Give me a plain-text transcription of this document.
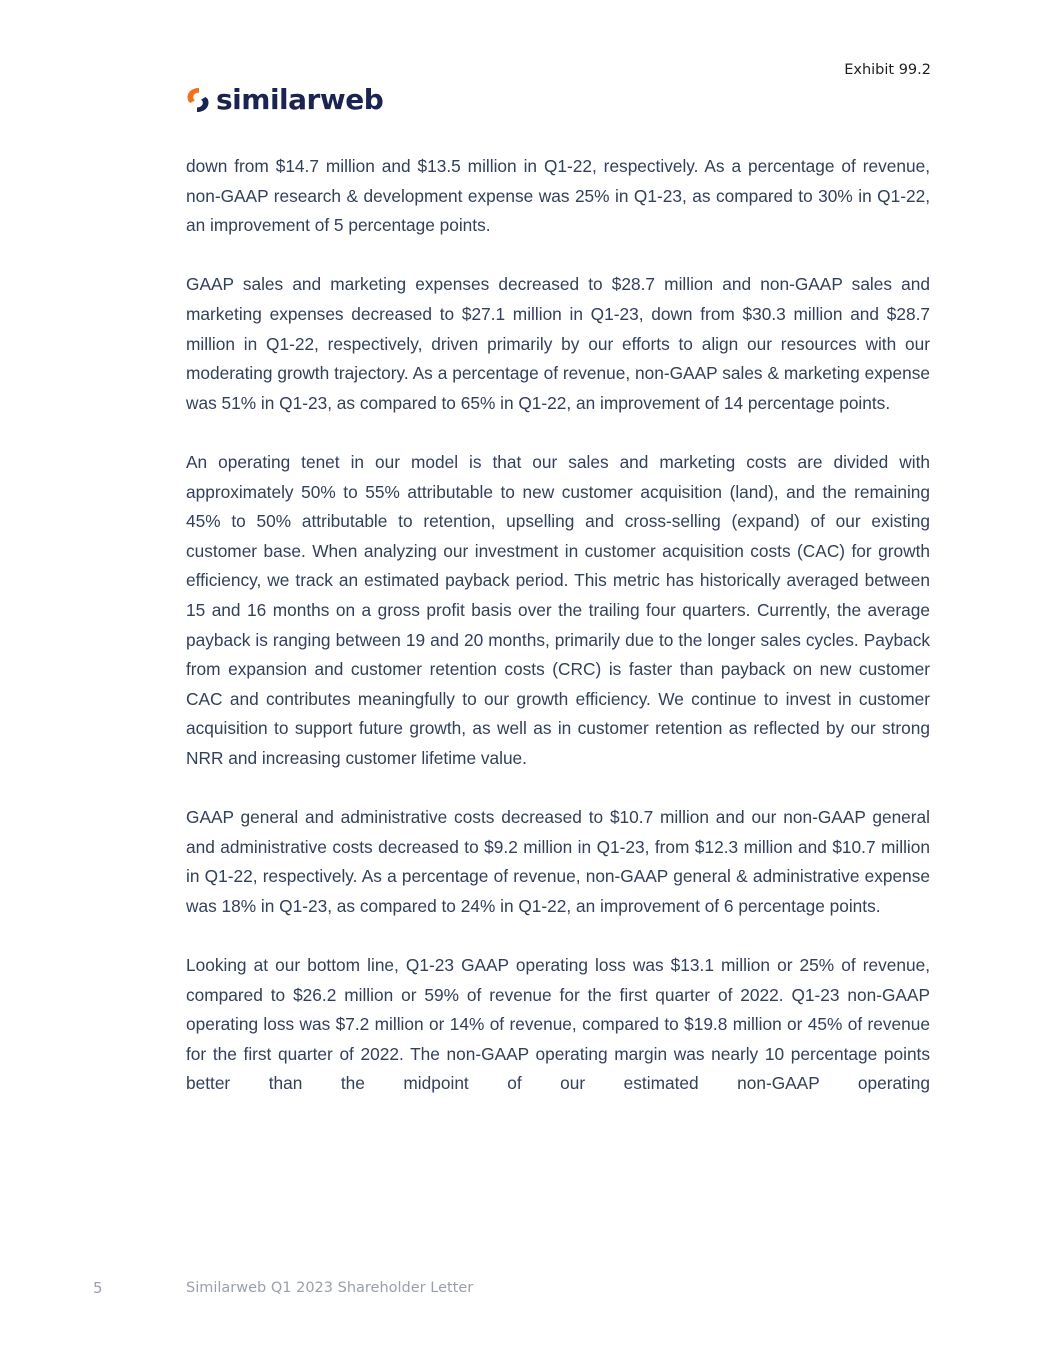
Exhibit 99.2
similarweb

down from $14.7 million and $13.5 million in Q1-22, respectively. As a percentage of revenue, non-GAAP research & development expense was 25% in Q1-23, as compared to 30% in Q1-22, an improvement of 5 percentage points.

GAAP sales and marketing expenses decreased to $28.7 million and non-GAAP sales and marketing expenses decreased to $27.1 million in Q1-23, down from $30.3 million and $28.7 million in Q1-22, respectively, driven primarily by our efforts to align our resources with our moderating growth trajectory. As a percentage of revenue, non-GAAP sales & marketing expense was 51% in Q1-23, as compared to 65% in Q1-22, an improvement of 14 percentage points.

An operating tenet in our model is that our sales and marketing costs are divided with approximately 50% to 55% attributable to new customer acquisition (land), and the remaining 45% to 50% attributable to retention, upselling and cross-selling (expand) of our existing customer base. When analyzing our investment in customer acquisition costs (CAC) for growth efficiency, we track an estimated payback period. This metric has historically averaged between 15 and 16 months on a gross profit basis over the trailing four quarters. Currently, the average payback is ranging between 19 and 20 months, primarily due to the longer sales cycles. Payback from expansion and customer retention costs (CRC) is faster than payback on new customer CAC and contributes meaningfully to our growth efficiency. We continue to invest in customer acquisition to support future growth, as well as in customer retention as reflected by our strong NRR and increasing customer lifetime value.

GAAP general and administrative costs decreased to $10.7 million and our non-GAAP general and administrative costs decreased to $9.2 million in Q1-23, from $12.3 million and $10.7 million in Q1-22, respectively. As a percentage of revenue, non-GAAP general & administrative expense was 18% in Q1-23, as compared to 24% in Q1-22, an improvement of 6 percentage points.

Looking at our bottom line, Q1-23 GAAP operating loss was $13.1 million or 25% of revenue, compared to $26.2 million or 59% of revenue for the first quarter of 2022. Q1-23 non-GAAP operating loss was $7.2 million or 14% of revenue, compared to $19.8 million or 45% of revenue for the first quarter of 2022. The non-GAAP operating margin was nearly 10 percentage points better than the midpoint of our estimated non-GAAP operating

5	Similarweb Q1 2023 Shareholder Letter
